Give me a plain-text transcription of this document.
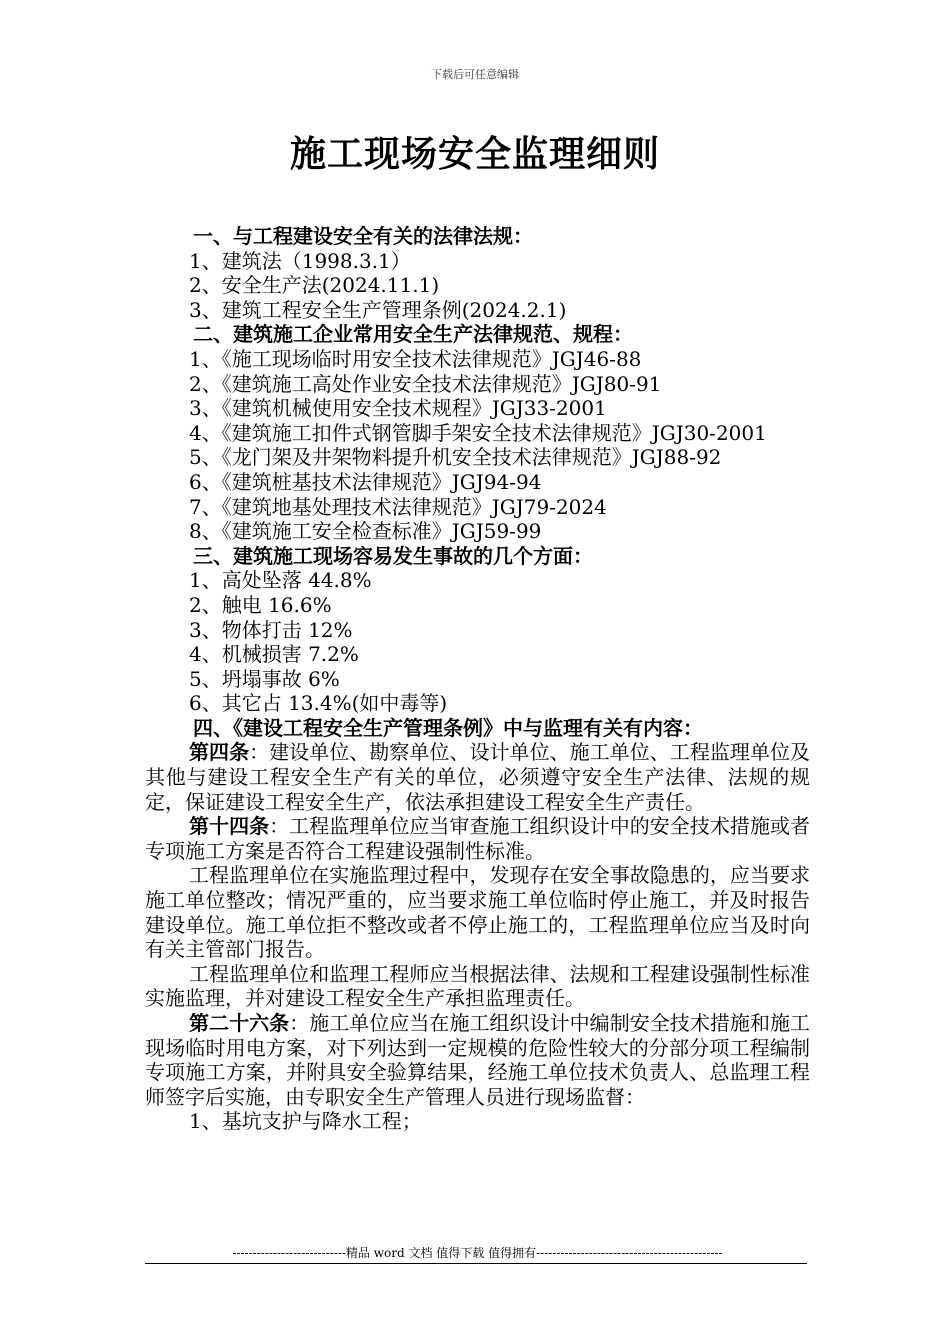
下载后可任意编辑
施工现场安全监理细则
一、与工程建设安全有关的法律法规：
1、建筑法（1998.3.1）
2、安全生产法(2024.11.1)
3、建筑工程安全生产管理条例(2024.2.1)
二、建筑施工企业常用安全生产法律规范、规程：
1、《施工现场临时用安全技术法律规范》JGJ46-88
2、《建筑施工高处作业安全技术法律规范》JGJ80-91
3、《建筑机械使用安全技术规程》JGJ33-2001
4、《建筑施工扣件式钢管脚手架安全技术法律规范》JGJ30-2001
5、《龙门架及井架物料提升机安全技术法律规范》JGJ88-92
6、《建筑桩基技术法律规范》JGJ94-94
7、《建筑地基处理技术法律规范》JGJ79-2024
8、《建筑施工安全检查标准》JGJ59-99
三、建筑施工现场容易发生事故的几个方面：
1、高处坠落 44.8%
2、触电 16.6%
3、物体打击 12%
4、机械损害 7.2%
5、坍塌事故 6%
6、其它占 13.4%(如中毒等)
四、《建设工程安全生产管理条例》中与监理有关有内容：
第四条：建设单位、勘察单位、设计单位、施工单位、工程监理单位及其他与建设工程安全生产有关的单位，必须遵守安全生产法律、法规的规定，保证建设工程安全生产，依法承担建设工程安全生产责任。
第十四条：工程监理单位应当审查施工组织设计中的安全技术措施或者专项施工方案是否符合工程建设强制性标准。
工程监理单位在实施监理过程中，发现存在安全事故隐患的，应当要求施工单位整改；情况严重的，应当要求施工单位临时停止施工，并及时报告建设单位。施工单位拒不整改或者不停止施工的，工程监理单位应当及时向有关主管部门报告。
工程监理单位和监理工程师应当根据法律、法规和工程建设强制性标准实施监理，并对建设工程安全生产承担监理责任。
第二十六条：施工单位应当在施工组织设计中编制安全技术措施和施工现场临时用电方案，对下列达到一定规模的危险性较大的分部分项工程编制专项施工方案，并附具安全验算结果，经施工单位技术负责人、总监理工程师签字后实施，由专职安全生产管理人员进行现场监督：
1、基坑支护与降水工程；
----------------------------精品 word 文档 值得下载 值得拥有----------------------------------------------
